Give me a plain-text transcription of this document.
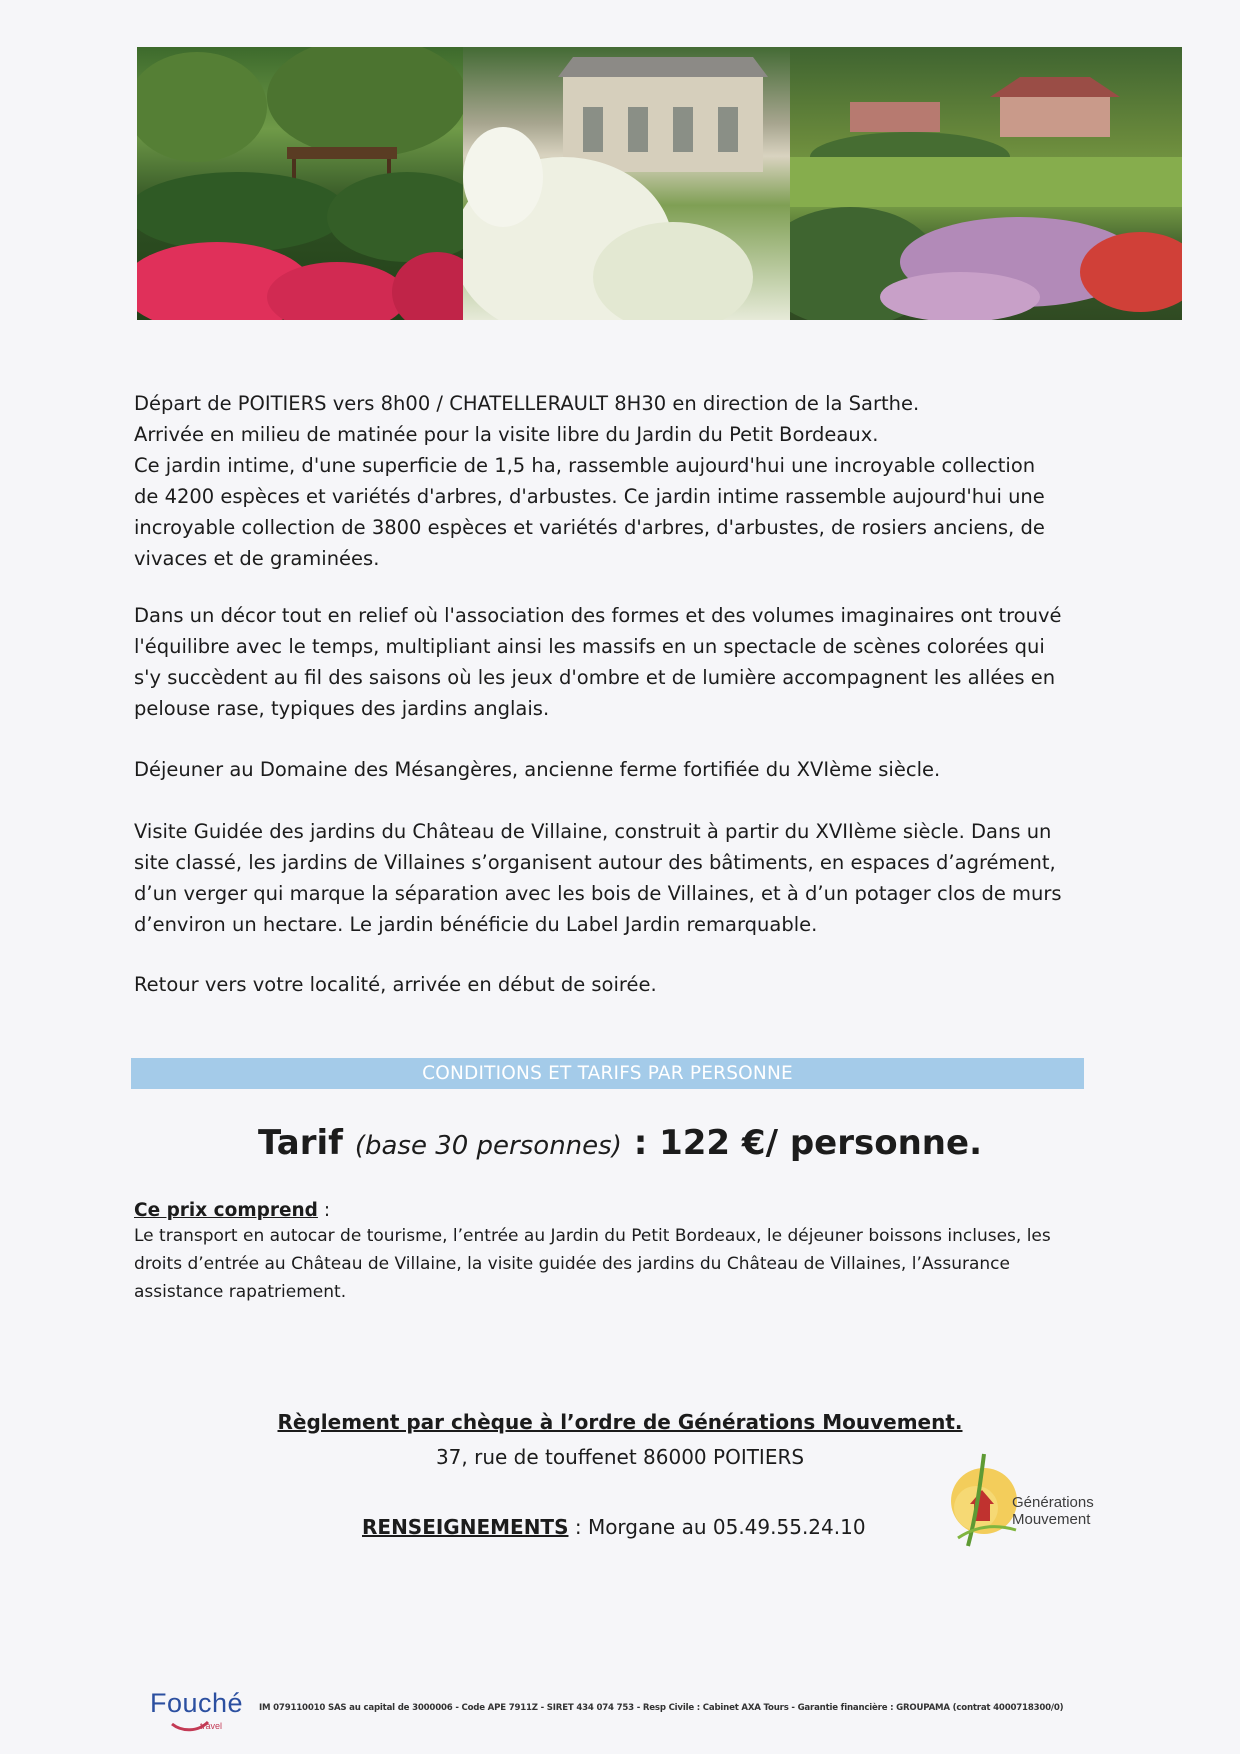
Départ de POITIERS vers 8h00 / CHATELLERAULT 8H30 en direction de la Sarthe.
Arrivée en milieu de matinée pour la visite libre du Jardin du Petit Bordeaux.
Ce jardin intime, d'une superficie de 1,5 ha, rassemble aujourd'hui une incroyable collection
de 4200 espèces et variétés d'arbres, d'arbustes. Ce jardin intime rassemble aujourd'hui une
incroyable collection de 3800 espèces et variétés d'arbres, d'arbustes, de rosiers anciens, de
vivaces et de graminées.
Dans un décor tout en relief où l'association des formes et des volumes imaginaires ont trouvé
l'équilibre avec le temps, multipliant ainsi les massifs en un spectacle de scènes colorées qui
s'y succèdent au fil des saisons où les jeux d'ombre et de lumière accompagnent les allées en
pelouse rase, typiques des jardins anglais.
Déjeuner au Domaine des Mésangères, ancienne ferme fortifiée du XVIème siècle.
Visite Guidée des jardins du Château de Villaine, construit à partir du XVIIème siècle. Dans un
site classé, les jardins de Villaines s’organisent autour des bâtiments, en espaces d’agrément,
d’un verger qui marque la séparation avec les bois de Villaines, et à d’un potager clos de murs
d’environ un hectare. Le jardin bénéficie du Label Jardin remarquable.
Retour vers votre localité, arrivée en début de soirée.
CONDITIONS ET TARIFS PAR PERSONNE
Tarif (base 30 personnes) : 122 €/ personne.
Ce prix comprend :
Le transport en autocar de tourisme, l’entrée au Jardin du Petit Bordeaux, le déjeuner boissons incluses, les
droits d’entrée au Château de Villaine, la visite guidée des jardins du Château de Villaines, l’Assurance
assistance rapatriement.
Règlement par chèque à l’ordre de Générations Mouvement.
37, rue de touffenet 86000 POITIERS
RENSEIGNEMENTS : Morgane au 05.49.55.24.10
Générations
Mouvement
Fouché
travel
IM 079110010 SAS au capital de 3000006 - Code APE 7911Z - SIRET 434 074 753 - Resp Civile : Cabinet AXA Tours - Garantie financière : GROUPAMA (contrat 4000718300/0)
